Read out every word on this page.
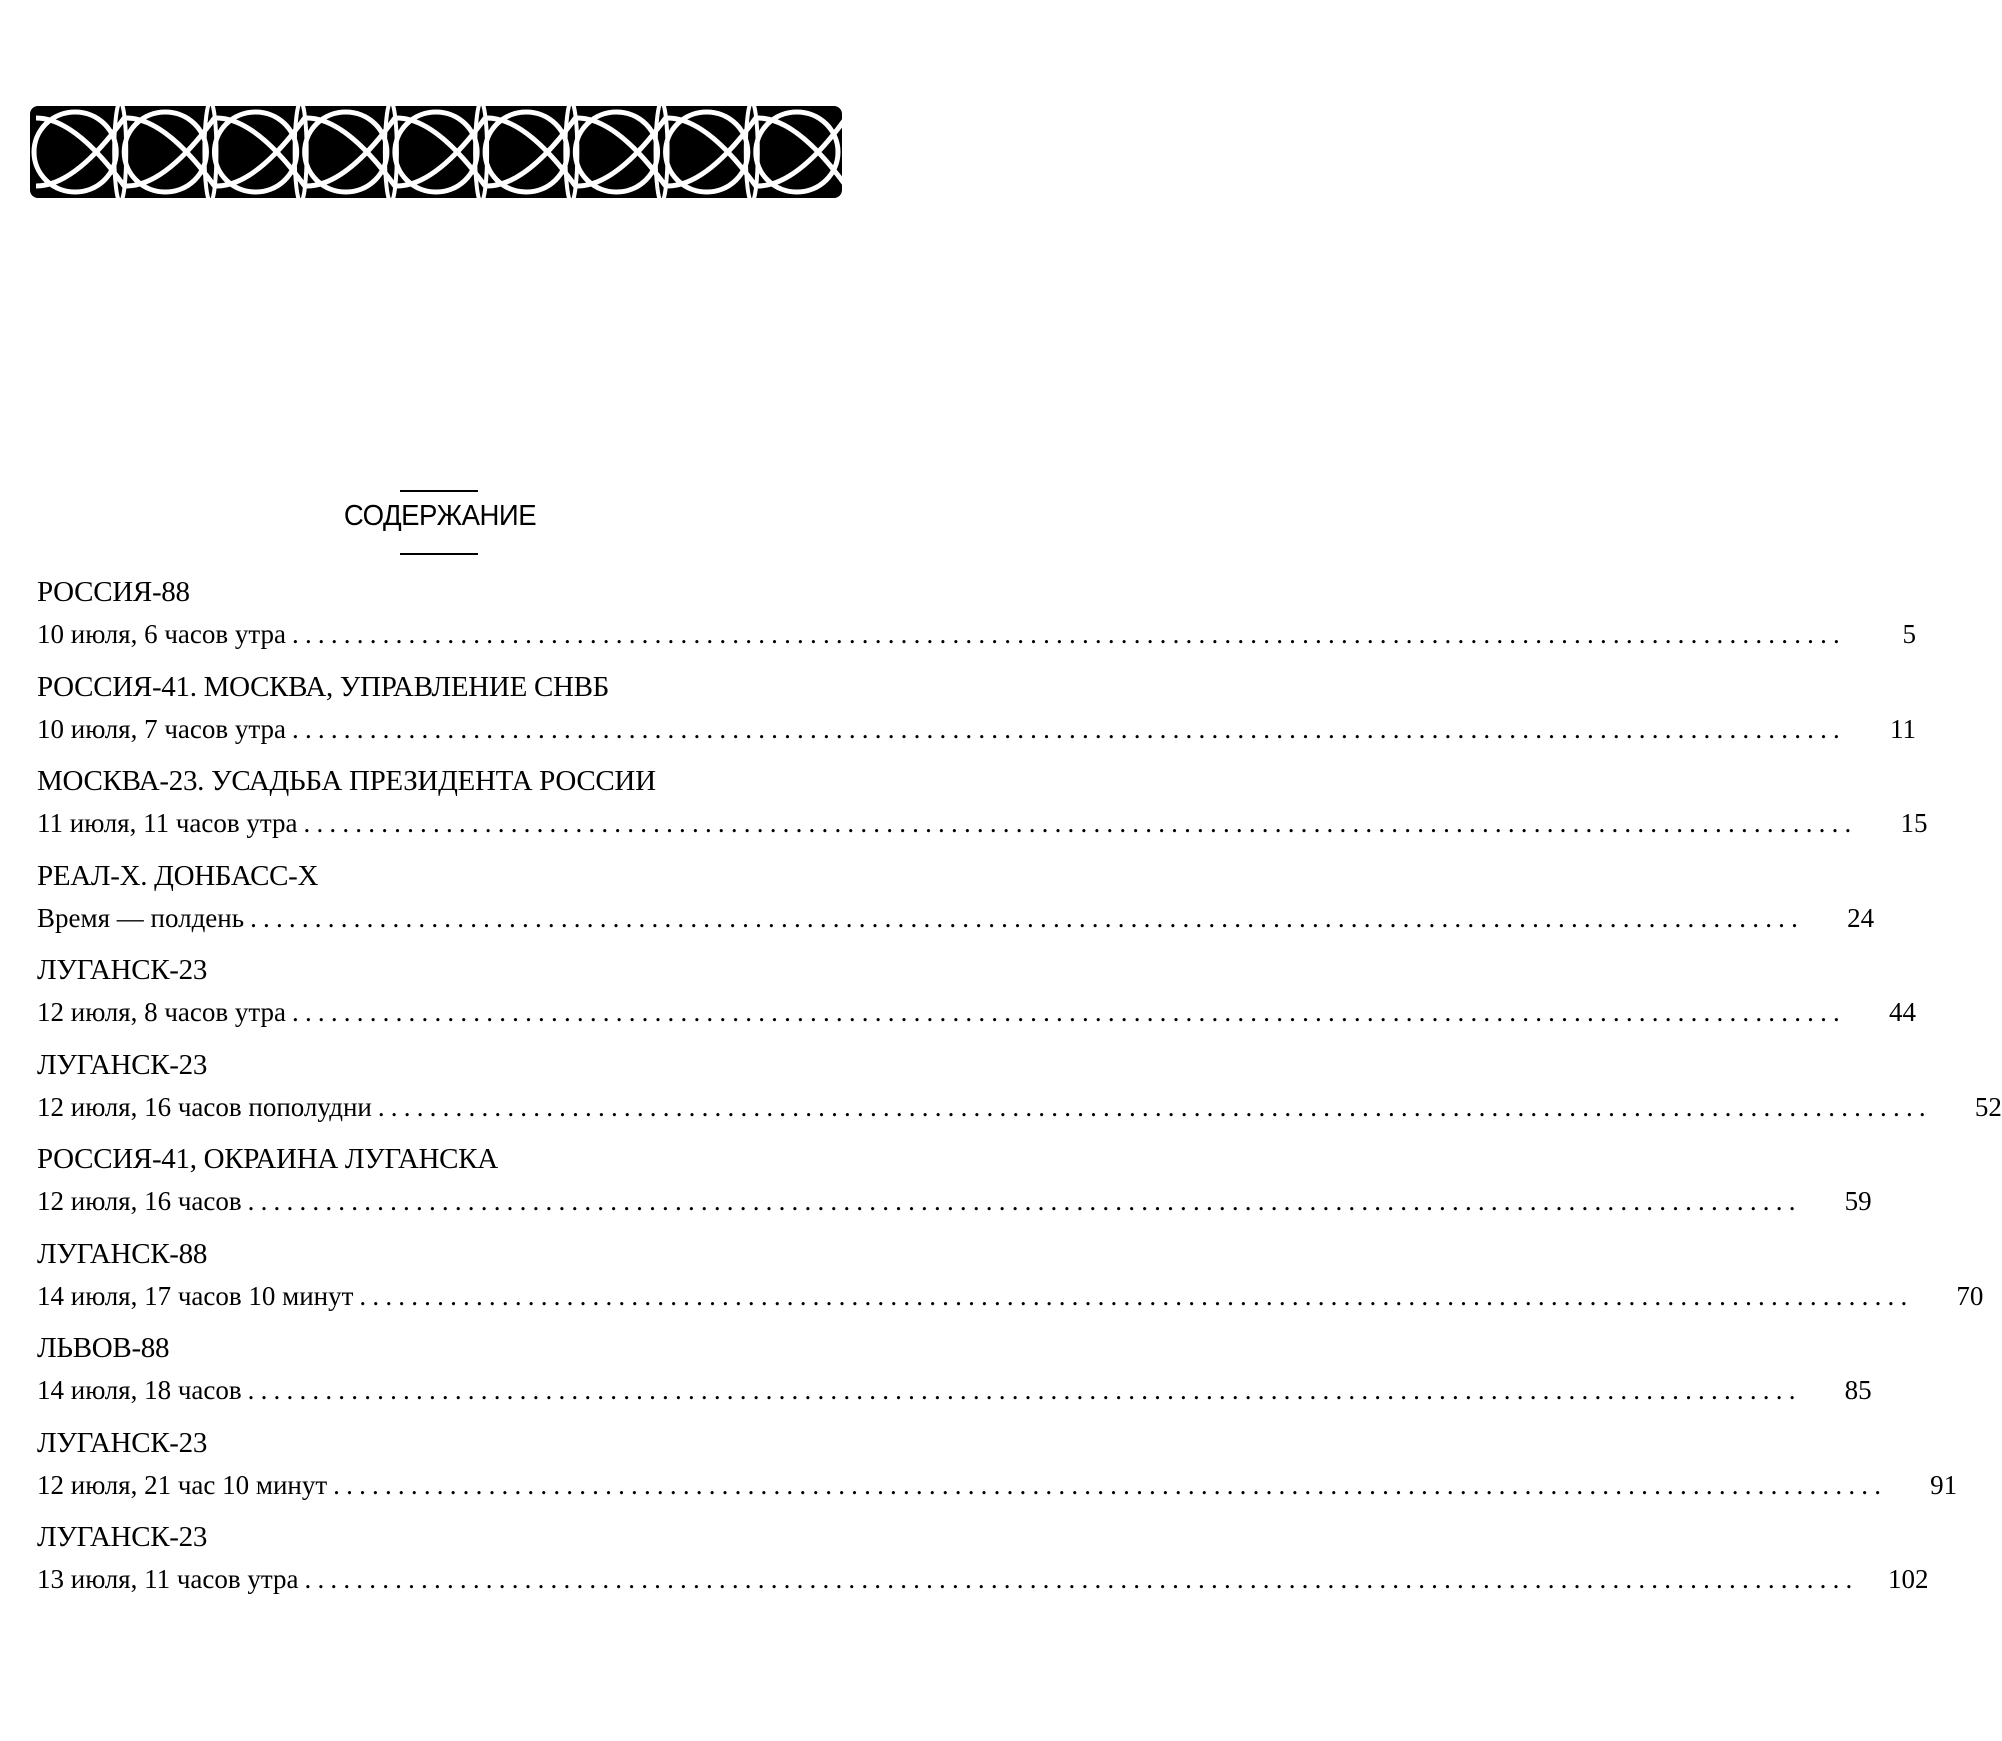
СОДЕРЖАНИЕ
РОССИЯ-88
10 июля, 6 часов утра ........................................................................................................................	5
РОССИЯ-41. МОСКВА, УПРАВЛЕНИЕ СНВБ
10 июля, 7 часов утра ........................................................................................................................	11
МОСКВА-23. УСАДЬБА ПРЕЗИДЕНТА РОССИИ
11 июля, 11 часов утра ........................................................................................................................	15
РЕАЛ-Х. ДОНБАСС-Х
Время — полдень ........................................................................................................................	24
ЛУГАНСК-23
12 июля, 8 часов утра ........................................................................................................................	44
ЛУГАНСК-23
12 июля, 16 часов пополудни ........................................................................................................................	52
РОССИЯ-41, ОКРАИНА ЛУГАНСКА
12 июля, 16 часов ........................................................................................................................	59
ЛУГАНСК-88
14 июля, 17 часов 10 минут ........................................................................................................................	70
ЛЬВОВ-88
14 июля, 18 часов ........................................................................................................................	85
ЛУГАНСК-23
12 июля, 21 час 10 минут ........................................................................................................................	91
ЛУГАНСК-23
13 июля, 11 часов утра ........................................................................................................................	102
